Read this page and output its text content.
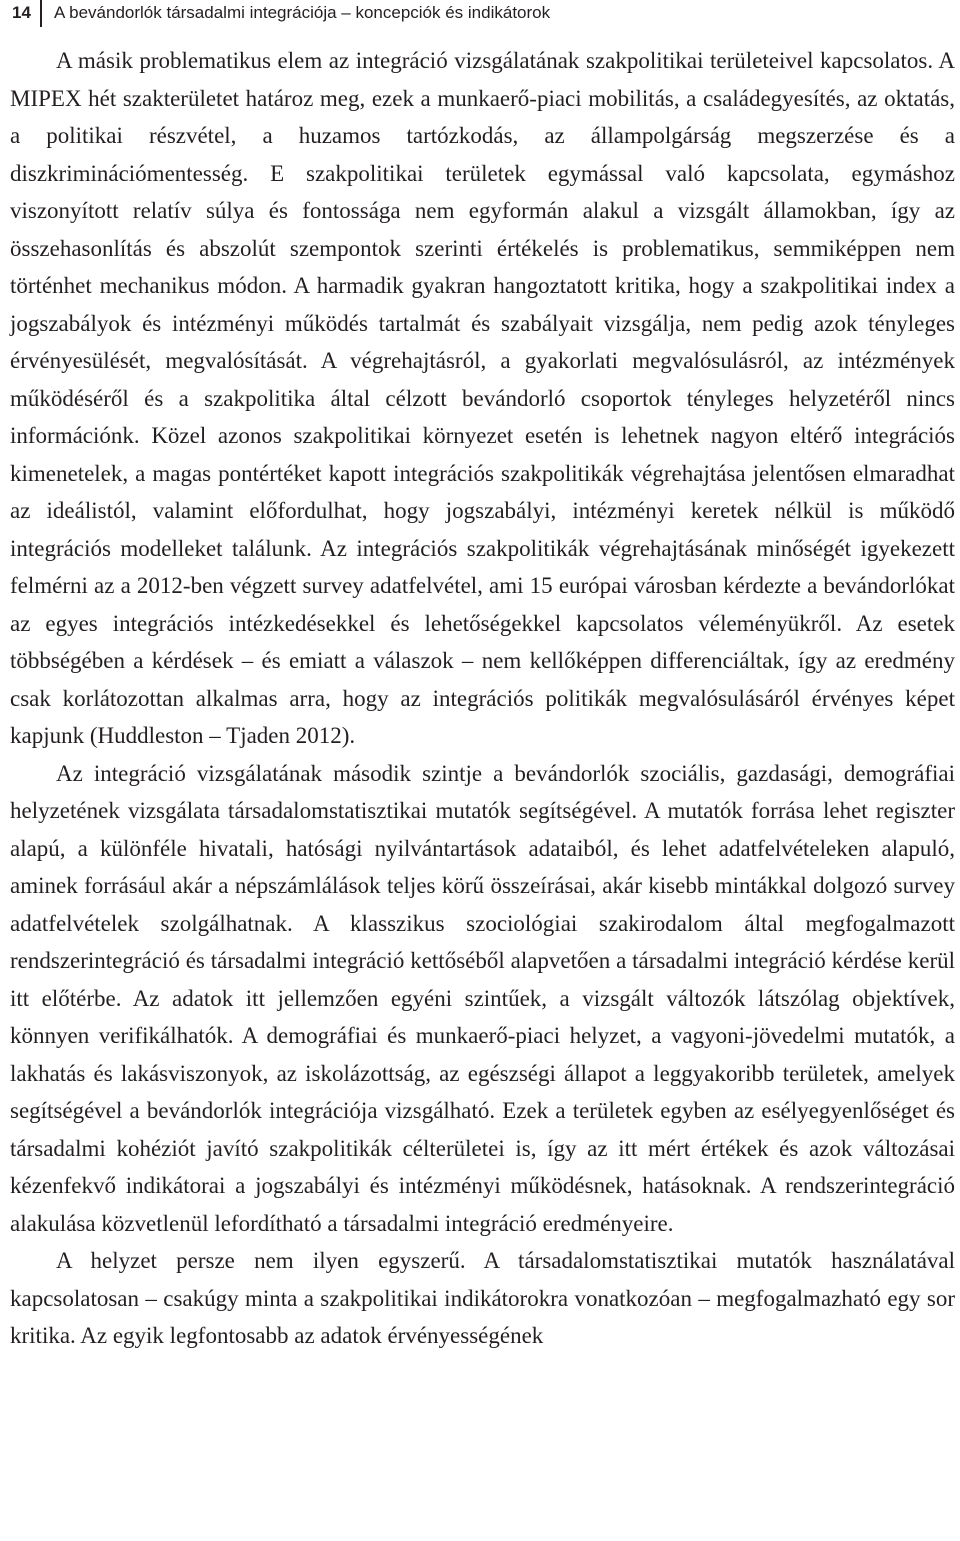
14 A bevándorlók társadalmi integrációja – koncepciók és indikátorok

A másik problematikus elem az integráció vizsgálatának szakpolitikai területeivel kapcsolatos. A MIPEX hét szakterületet határoz meg, ezek a munkaerő-piaci mobilitás, a családegyesítés, az oktatás, a politikai részvétel, a huzamos tartózkodás, az állampolgárság megszerzése és a diszkriminációmentesség. E szakpolitikai területek egymással való kapcsolata, egymáshoz viszonyított relatív súlya és fontossága nem egyformán alakul a vizsgált államokban, így az összehasonlítás és abszolút szempontok szerinti értékelés is problematikus, semmiképpen nem történhet mechanikus módon. A harmadik gyakran hangoztatott kritika, hogy a szakpolitikai index a jogszabályok és intézményi működés tartalmát és szabályait vizsgálja, nem pedig azok tényleges érvényesülését, megvalósítását. A végrehajtásról, a gyakorlati megvalósulásról, az intézmények működéséről és a szakpolitika által célzott bevándorló csoportok tényleges helyzetéről nincs információnk. Közel azonos szakpolitikai környezet esetén is lehetnek nagyon eltérő integrációs kimenetelek, a magas pontértéket kapott integrációs szakpolitikák végrehajtása jelentősen elmaradhat az ideálistól, valamint előfordulhat, hogy jogszabályi, intézményi keretek nélkül is működő integrációs modelleket találunk. Az integrációs szakpolitikák végrehajtásának minőségét igyekezett felmérni az a 2012-ben végzett survey adatfelvétel, ami 15 európai városban kérdezte a bevándorlókat az egyes integrációs intézkedésekkel és lehetőségekkel kapcsolatos véleményükről. Az esetek többségében a kérdések – és emiatt a válaszok – nem kellőképpen differenciáltak, így az eredmény csak korlátozottan alkalmas arra, hogy az integrációs politikák megvalósulásáról érvényes képet kapjunk (Huddleston – Tjaden 2012).

Az integráció vizsgálatának második szintje a bevándorlók szociális, gazdasági, demográfiai helyzetének vizsgálata társadalomstatisztikai mutatók segítségével. A mutatók forrása lehet regiszter alapú, a különféle hivatali, hatósági nyilvántartások adataiból, és lehet adatfelvételeken alapuló, aminek forrásául akár a népszámlálások teljes körű összeírásai, akár kisebb mintákkal dolgozó survey adatfelvételek szolgálhatnak. A klasszikus szociológiai szakirodalom által megfogalmazott rendszerintegráció és társadalmi integráció kettőséből alapvetően a társadalmi integráció kérdése kerül itt előtérbe. Az adatok itt jellemzően egyéni szintűek, a vizsgált változók látszólag objektívek, könnyen verifikálhatók. A demográfiai és munkaerő-piaci helyzet, a vagyoni-jövedelmi mutatók, a lakhatás és lakásviszonyok, az iskolázottság, az egészségi állapot a leggyakoribb területek, amelyek segítségével a bevándorlók integrációja vizsgálható. Ezek a területek egyben az esélyegyenlőséget és társadalmi kohéziót javító szakpolitikák célterületei is, így az itt mért értékek és azok változásai kézenfekvő indikátorai a jogszabályi és intézményi működésnek, hatásoknak. A rendszerintegráció alakulása közvetlenül lefordítható a társadalmi integráció eredményeire.

A helyzet persze nem ilyen egyszerű. A társadalomstatisztikai mutatók használatával kapcsolatosan – csakúgy minta a szakpolitikai indikátorokra vonatkozóan – megfogalmazható egy sor kritika. Az egyik legfontosabb az adatok érvényességének
